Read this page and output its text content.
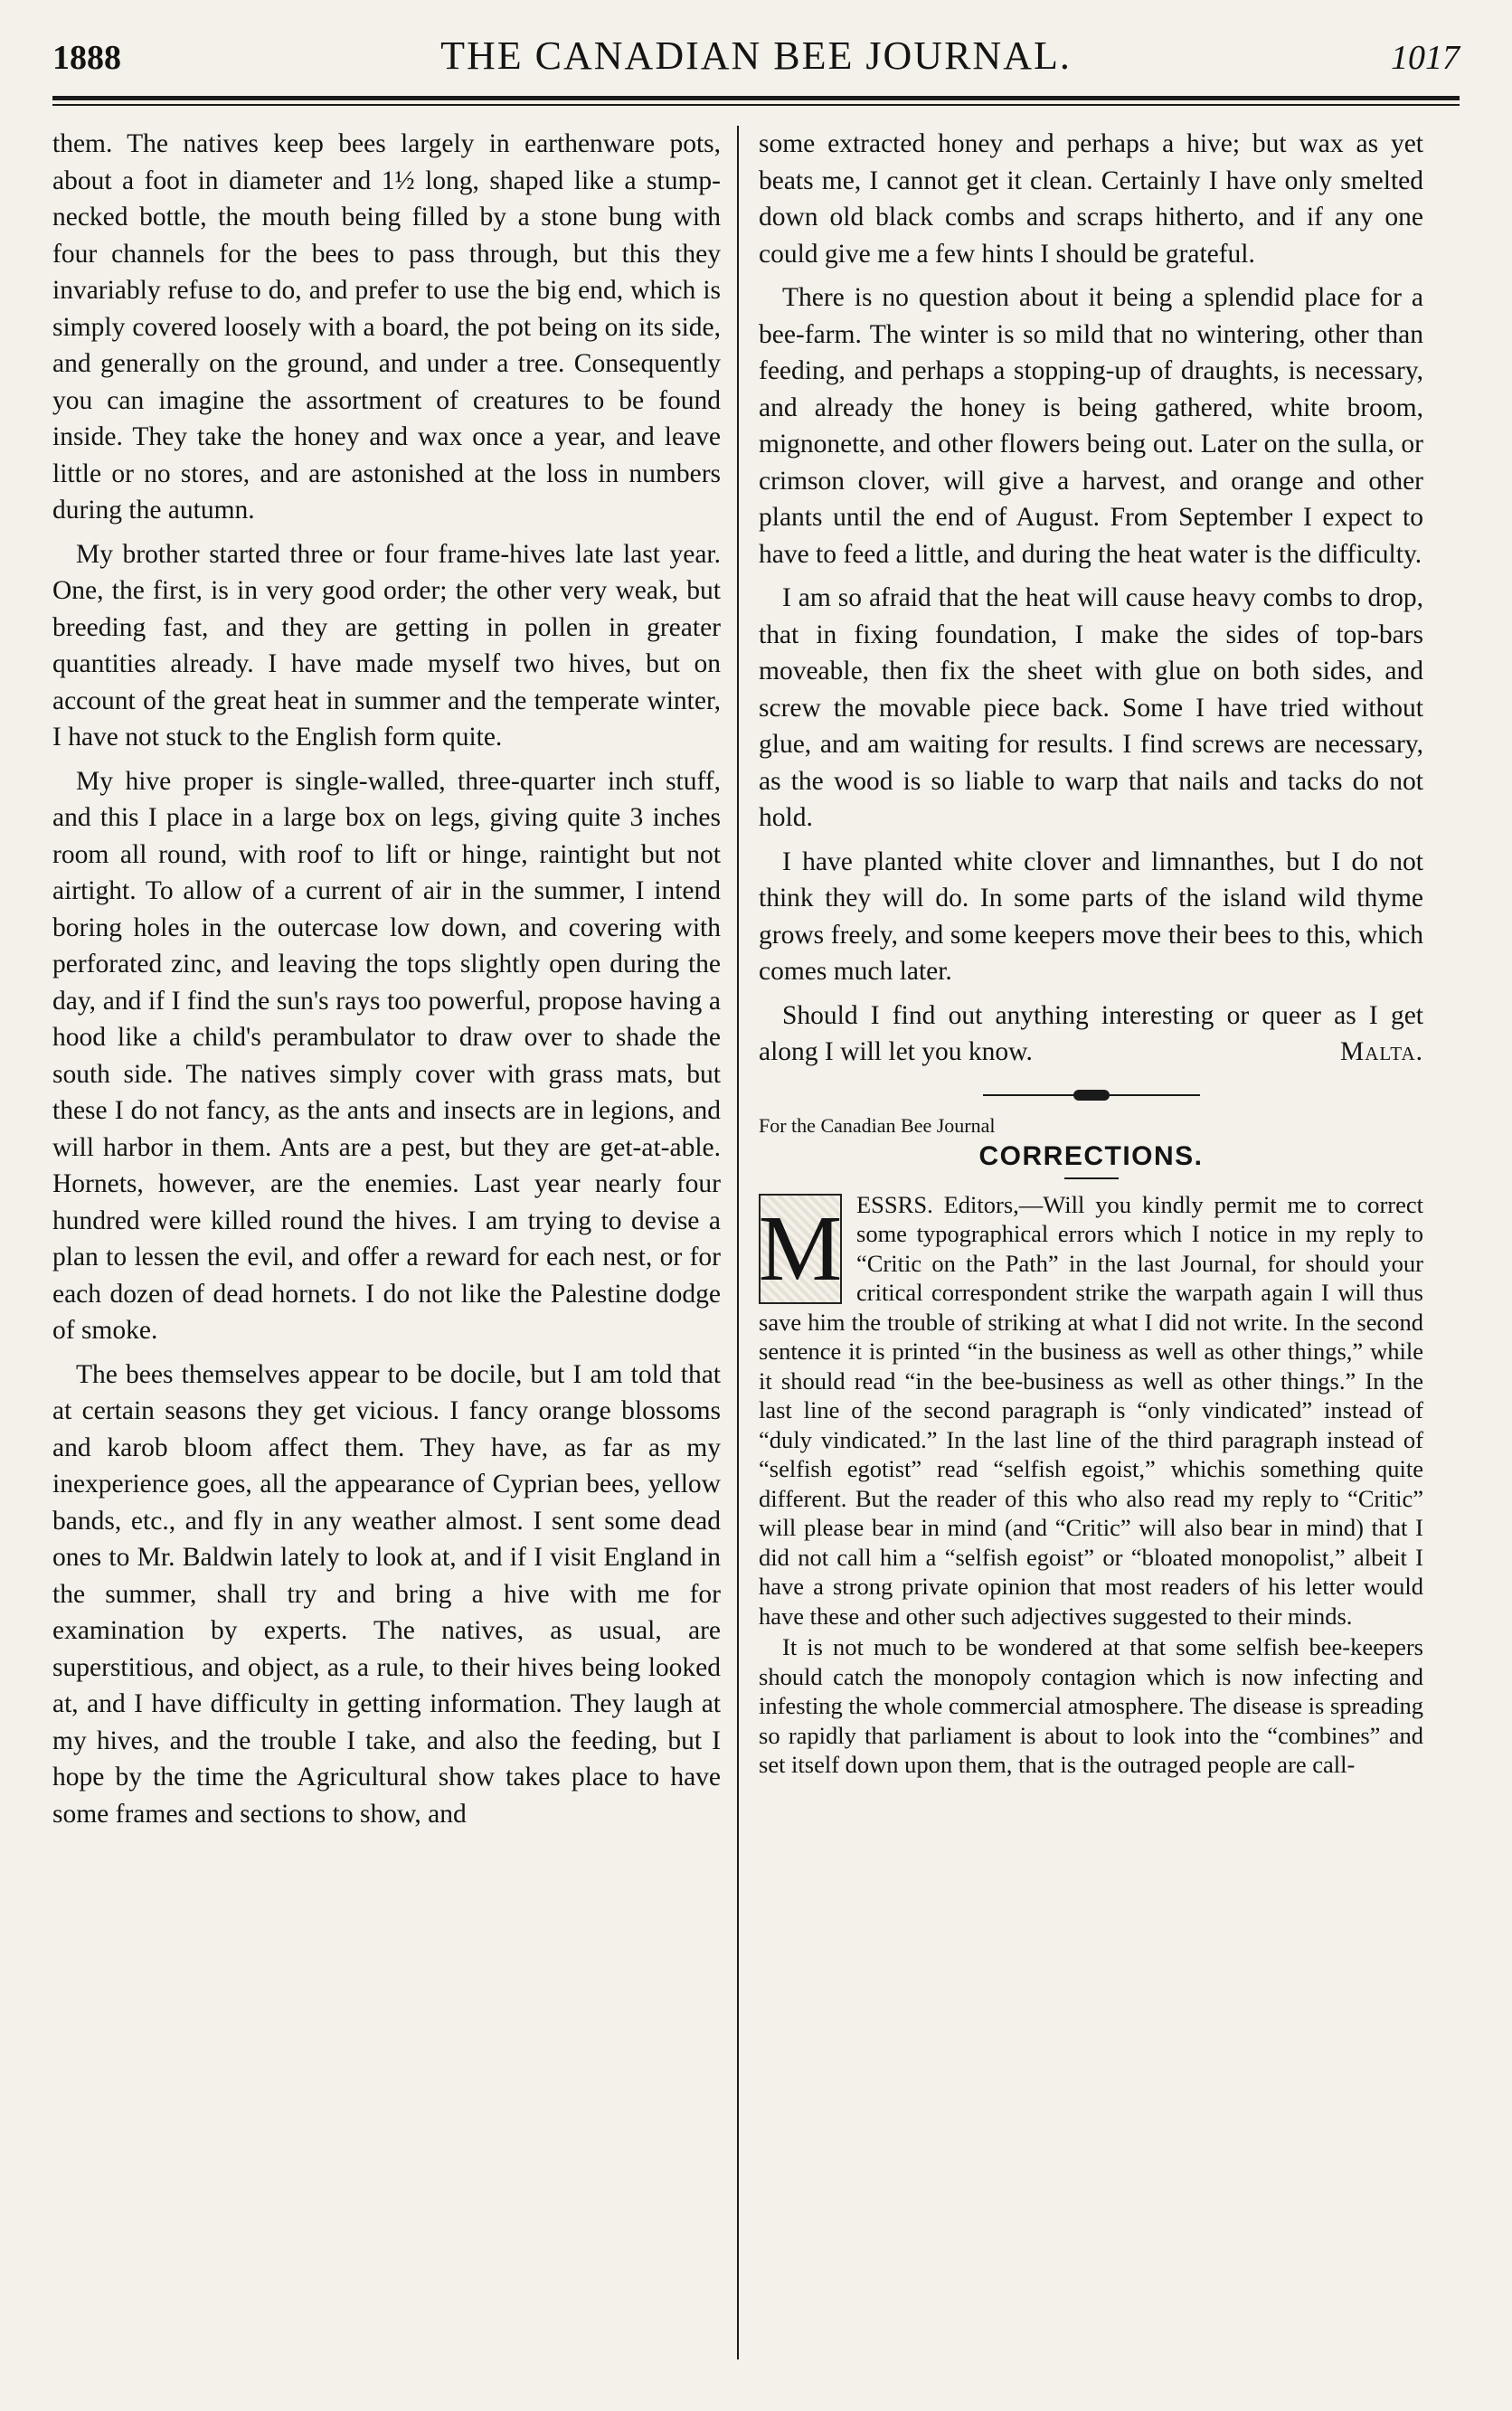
1888	THE CANADIAN BEE JOURNAL.	1017

them. The natives keep bees largely in earthenware pots, about a foot in diameter and 1½ long, shaped like a stump-necked bottle, the mouth being filled by a stone bung with four channels for the bees to pass through, but this they invariably refuse to do, and prefer to use the big end, which is simply covered loosely with a board, the pot being on its side, and generally on the ground, and under a tree. Consequently you can imagine the assortment of creatures to be found inside. They take the honey and wax once a year, and leave little or no stores, and are astonished at the loss in numbers during the autumn.

My brother started three or four frame-hives late last year. One, the first, is in very good order; the other very weak, but breeding fast, and they are getting in pollen in greater quantities already. I have made myself two hives, but on account of the great heat in summer and the temperate winter, I have not stuck to the English form quite.

My hive proper is single-walled, three-quarter inch stuff, and this I place in a large box on legs, giving quite 3 inches room all round, with roof to lift or hinge, raintight but not airtight. To allow of a current of air in the summer, I intend boring holes in the outercase low down, and covering with perforated zinc, and leaving the tops slightly open during the day, and if I find the sun's rays too powerful, propose having a hood like a child's perambulator to draw over to shade the south side. The natives simply cover with grass mats, but these I do not fancy, as the ants and insects are in legions, and will harbor in them. Ants are a pest, but they are get-at-able. Hornets, however, are the enemies. Last year nearly four hundred were killed round the hives. I am trying to devise a plan to lessen the evil, and offer a reward for each nest, or for each dozen of dead hornets. I do not like the Palestine dodge of smoke.

The bees themselves appear to be docile, but I am told that at certain seasons they get vicious. I fancy orange blossoms and karob bloom affect them. They have, as far as my inexperience goes, all the appearance of Cyprian bees, yellow bands, etc., and fly in any weather almost. I sent some dead ones to Mr. Baldwin lately to look at, and if I visit England in the summer, shall try and bring a hive with me for examination by experts. The natives, as usual, are superstitious, and object, as a rule, to their hives being looked at, and I have difficulty in getting information. They laugh at my hives, and the trouble I take, and also the feeding, but I hope by the time the Agricultural show takes place to have some frames and sections to show, and

some extracted honey and perhaps a hive; but wax as yet beats me, I cannot get it clean. Certainly I have only smelted down old black combs and scraps hitherto, and if any one could give me a few hints I should be grateful.

There is no question about it being a splendid place for a bee-farm. The winter is so mild that no wintering, other than feeding, and perhaps a stopping-up of draughts, is necessary, and already the honey is being gathered, white broom, mignonette, and other flowers being out. Later on the sulla, or crimson clover, will give a harvest, and orange and other plants until the end of August. From September I expect to have to feed a little, and during the heat water is the difficulty.

I am so afraid that the heat will cause heavy combs to drop, that in fixing foundation, I make the sides of top-bars moveable, then fix the sheet with glue on both sides, and screw the movable piece back. Some I have tried without glue, and am waiting for results. I find screws are necessary, as the wood is so liable to warp that nails and tacks do not hold.

I have planted white clover and limnanthes, but I do not think they will do. In some parts of the island wild thyme grows freely, and some keepers move their bees to this, which comes much later.

Should I find out anything interesting or queer as I get along I will let you know.	Malta.

For the Canadian Bee Journal
CORRECTIONS.
M ESSRS. Editors,—Will you kindly permit me to correct some typographical errors which I notice in my reply to “Critic on the Path” in the last Journal, for should your critical correspondent strike the warpath again I will thus save him the trouble of striking at what I did not write. In the second sentence it is printed “in the business as well as other things,” while it should read “in the bee-business as well as other things.” In the last line of the second paragraph is “only vindicated” instead of “duly vindicated.” In the last line of the third paragraph instead of “selfish egotist” read “selfish egoist,” whichis something quite different. But the reader of this who also read my reply to “Critic” will please bear in mind (and “Critic” will also bear in mind) that I did not call him a “selfish egoist” or “bloated monopolist,” albeit I have a strong private opinion that most readers of his letter would have these and other such adjectives suggested to their minds.

It is not much to be wondered at that some selfish bee-keepers should catch the monopoly contagion which is now infecting and infesting the whole commercial atmosphere. The disease is spreading so rapidly that parliament is about to look into the “combines” and set itself down upon them, that is the outraged people are call-
